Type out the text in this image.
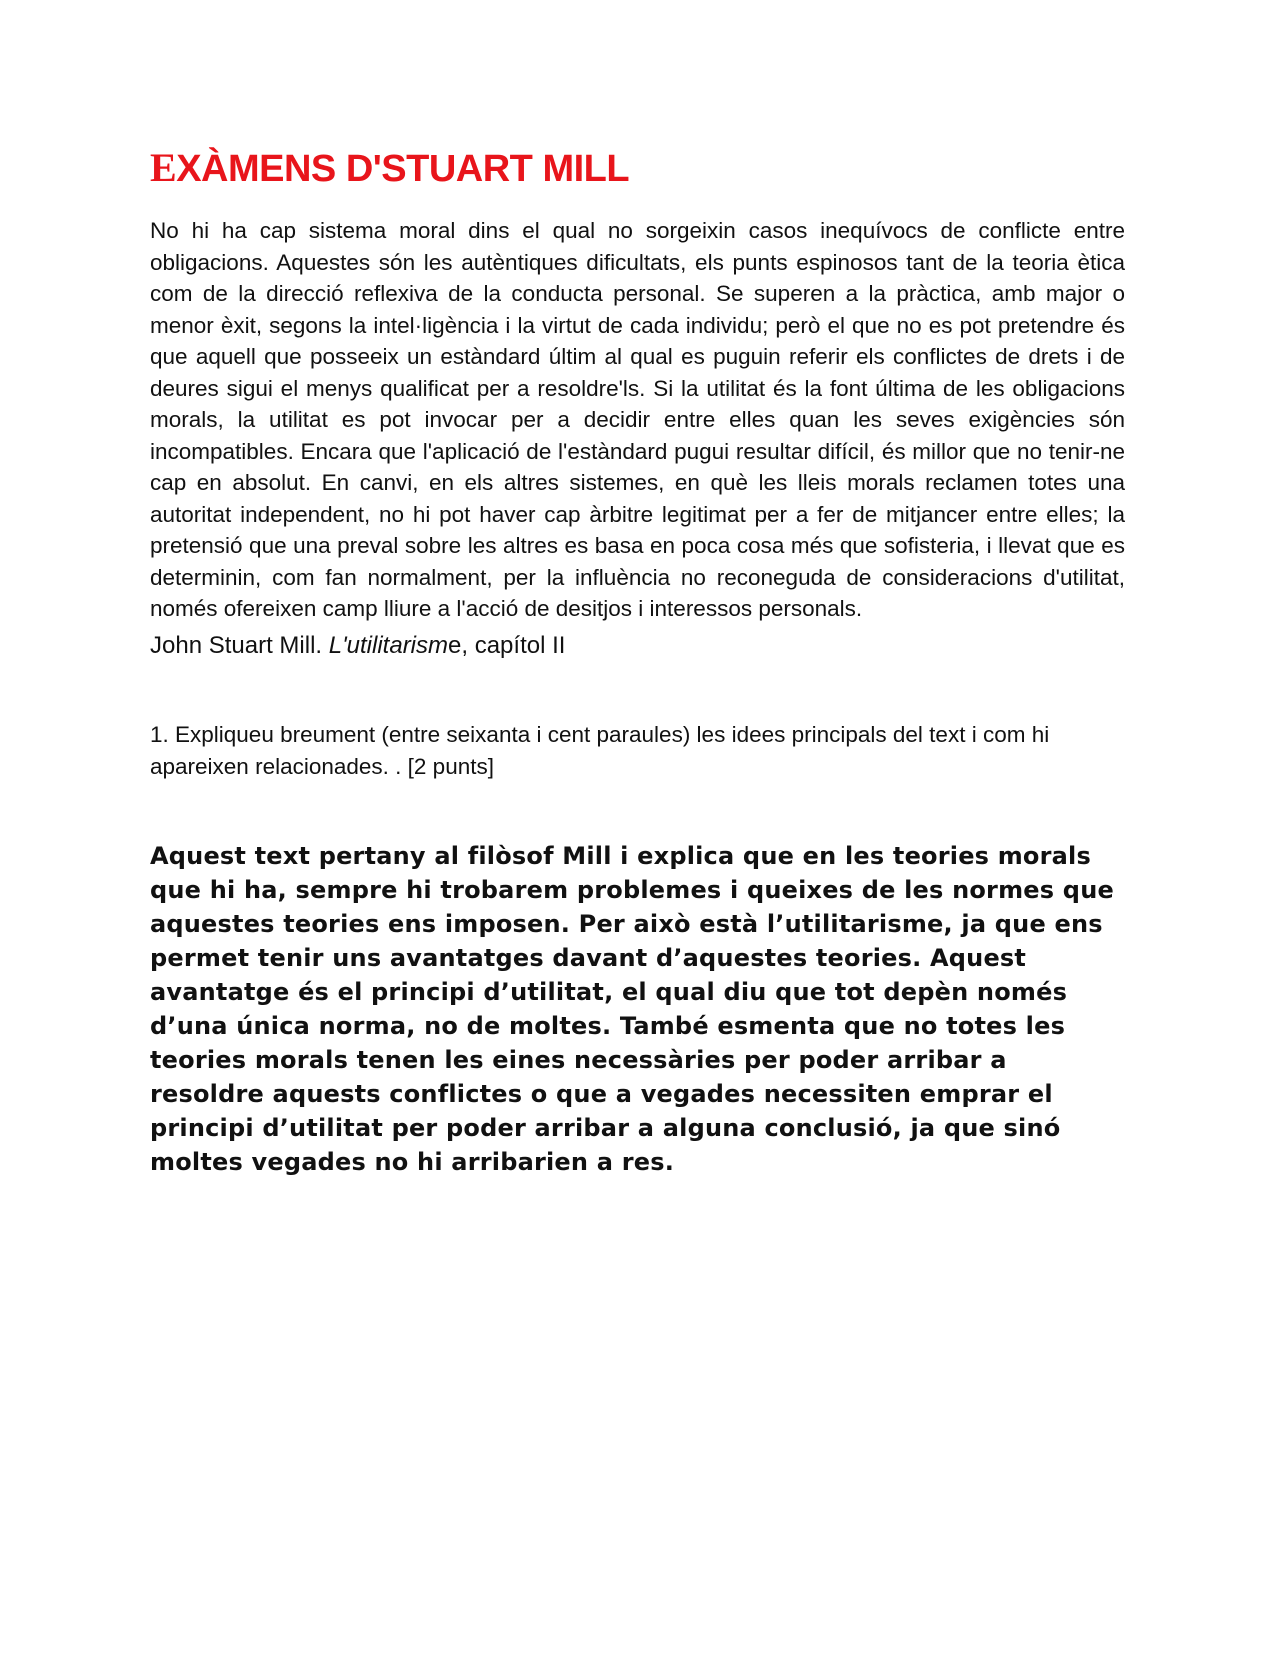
EXÀMENS D'STUART MILL

No hi ha cap sistema moral dins el qual no sorgeixin casos inequívocs de conflicte entre obligacions. Aquestes són les autèntiques dificultats, els punts espinosos tant de la teoria ètica com de la direcció reflexiva de la conducta personal. Se superen a la pràctica, amb major o menor èxit, segons la intel·ligència i la virtut de cada individu; però el que no es pot pretendre és que aquell que posseeix un estàndard últim al qual es puguin referir els conflictes de drets i de deures sigui el menys qualificat per a resoldre'ls. Si la utilitat és la font última de les obligacions morals, la utilitat es pot invocar per a decidir entre elles quan les seves exigències són incompatibles. Encara que l'aplicació de l'estàndard pugui resultar difícil, és millor que no tenir-ne cap en absolut. En canvi, en els altres sistemes, en què les lleis morals reclamen totes una autoritat independent, no hi pot haver cap àrbitre legitimat per a fer de mitjancer entre elles; la pretensió que una preval sobre les altres es basa en poca cosa més que sofisteria, i llevat que es determinin, com fan normalment, per la influència no reconeguda de consideracions d'utilitat, només ofereixen camp lliure a l'acció de desitjos i interessos personals.

John Stuart Mill. L'utilitarisme, capítol II

1. Expliqueu breument (entre seixanta i cent paraules) les idees principals del text i com hi apareixen relacionades. . [2 punts]

Aquest text pertany al filòsof Mill i explica que en les teories morals que hi ha, sempre hi trobarem problemes i queixes de les normes que aquestes teories ens imposen. Per això està l’utilitarisme, ja que ens permet tenir uns avantatges davant d’aquestes teories. Aquest avantatge és el principi d’utilitat, el qual diu que tot depèn només d’una única norma, no de moltes. També esmenta que no totes les teories morals tenen les eines necessàries per poder arribar a resoldre aquests conflictes o que a vegades necessiten emprar el principi d’utilitat per poder arribar a alguna conclusió, ja que sinó moltes vegades no hi arribarien a res.
